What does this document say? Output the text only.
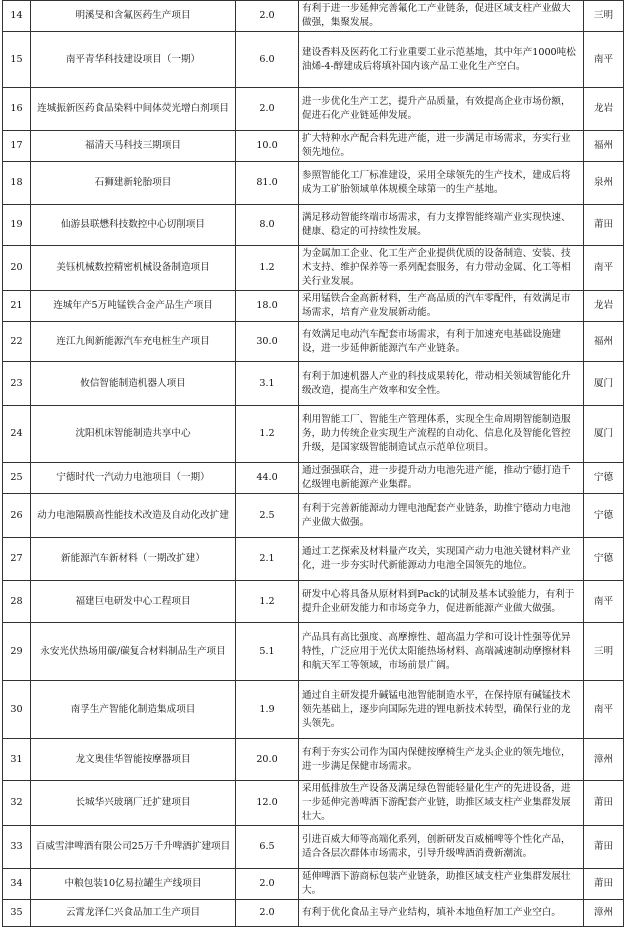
14	明溪旻和含氟医药生产项目	2.0	有利于进一步延伸完善氟化工产业链条，促进区域支柱产业做大做强，集聚发展。	三明
15	南平青华科技建设项目（一期）	6.0	建设香料及医药化工行业重要工业示范基地，其中年产1000吨松油烯-4-醇建成后将填补国内该产品工业化生产空白。	南平
16	连城振新医药食品染料中间体荧光增白剂项目	2.0	进一步优化生产工艺，提升产品质量，有效提高企业市场份额，促进石化产业链延伸发展。	龙岩
17	福清天马科技三期项目	10.0	扩大特种水产配合料先进产能，进一步满足市场需求，夯实行业领先地位。	福州
18	石狮建新轮胎项目	81.0	参照智能化工厂标准建设，采用全球领先的生产技术，建成后将成为工矿胎领域单体规模全球第一的生产基地。	泉州
19	仙游县联懋科技数控中心切削项目	8.0	满足移动智能终端市场需求，有力支撑智能终端产业实现快速、健康、稳定的可持续性发展。	莆田
20	美钰机械数控精密机械设备制造项目	1.2	为金属加工企业、化工生产企业提供优质的设备制造、安装、技术支持、维护保养等一系列配套服务，有力带动金属、化工等相关行业发展。	南平
21	连城年产5万吨锰铁合金产品生产项目	18.0	采用锰铁合金高新材料，生产高品质的汽车零配件，有效满足市场需求，培育产业发展新动能。	龙岩
22	连江九闽新能源汽车充电桩生产项目	30.0	有效满足电动汽车配套市场需求，有利于加速充电基础设施建设，进一步延伸新能源汽车产业链条。	福州
23	攸信智能制造机器人项目	3.1	有利于加速机器人产业的科技成果转化，带动相关领域智能化升级改造，提高生产效率和安全性。	厦门
24	沈阳机床智能制造共享中心	1.2	利用智能工厂、智能生产管理体系，实现全生命周期智能制造服务，助力传统企业实现生产流程的自动化、信息化及智能化管控升级，是国家级智能制造试点示范单位项目。	厦门
25	宁德时代一汽动力电池项目（一期）	44.0	通过强强联合，进一步提升动力电池先进产能，推动宁德打造千亿级锂电新能源产业集群。	宁德
26	动力电池隔膜高性能技术改造及自动化改扩建	2.5	有利于完善新能源动力锂电池配套产业链条，助推宁德动力电池产业做大做强。	宁德
27	新能源汽车新材料（一期改扩建）	2.1	通过工艺探索及材料量产攻关，实现国产动力电池关键材料产业化，进一步夯实时代新能源动力电池全国领先的地位。	宁德
28	福建巨电研发中心工程项目	1.2	研发中心将具备从原材料到Pack的试制及基本试验能力，有利于提升企业研发能力和市场竞争力，促进新能源产业做大做强。	南平
29	永安光伏热场用碳/碳复合材料制品生产项目	5.1	产品具有高比强度、高摩擦性、超高温力学和可设计性强等优异特性，广泛应用于光伏太阳能热场材料、高端减速制动摩擦材料和航天军工等领域，市场前景广阔。	三明
30	南孚生产智能化制造集成项目	1.9	通过自主研发提升碱锰电池智能制造水平，在保持原有碱锰技术领先基础上，逐步向国际先进的锂电新技术转型，确保行业的龙头领先。	南平
31	龙文奥佳华智能按摩器项目	20.0	有利于夯实公司作为国内保健按摩椅生产龙头企业的领先地位，进一步满足保健市场需求。	漳州
32	长城华兴玻璃厂迁扩建项目	12.0	采用低排放生产设备及满足绿色智能轻量化生产的先进设备，进一步延伸完善啤酒下游配套产业链，助推区域支柱产业集群发展壮大。	莆田
33	百威雪津啤酒有限公司25万千升啤酒扩建项目	6.5	引进百威大师等高端化系列，创新研发百威桶啤等个性化产品，适合各层次群体市场需求，引导升级啤酒消费新潮流。	莆田
34	中粮包装10亿易拉罐生产线项目	2.0	延伸啤酒下游商标包装产业链条，助推区域支柱产业集群发展壮大。	莆田
35	云霄龙泽仁兴食品加工生产项目	2.0	有利于优化食品主导产业结构，填补本地鱼籽加工产业空白。	漳州
